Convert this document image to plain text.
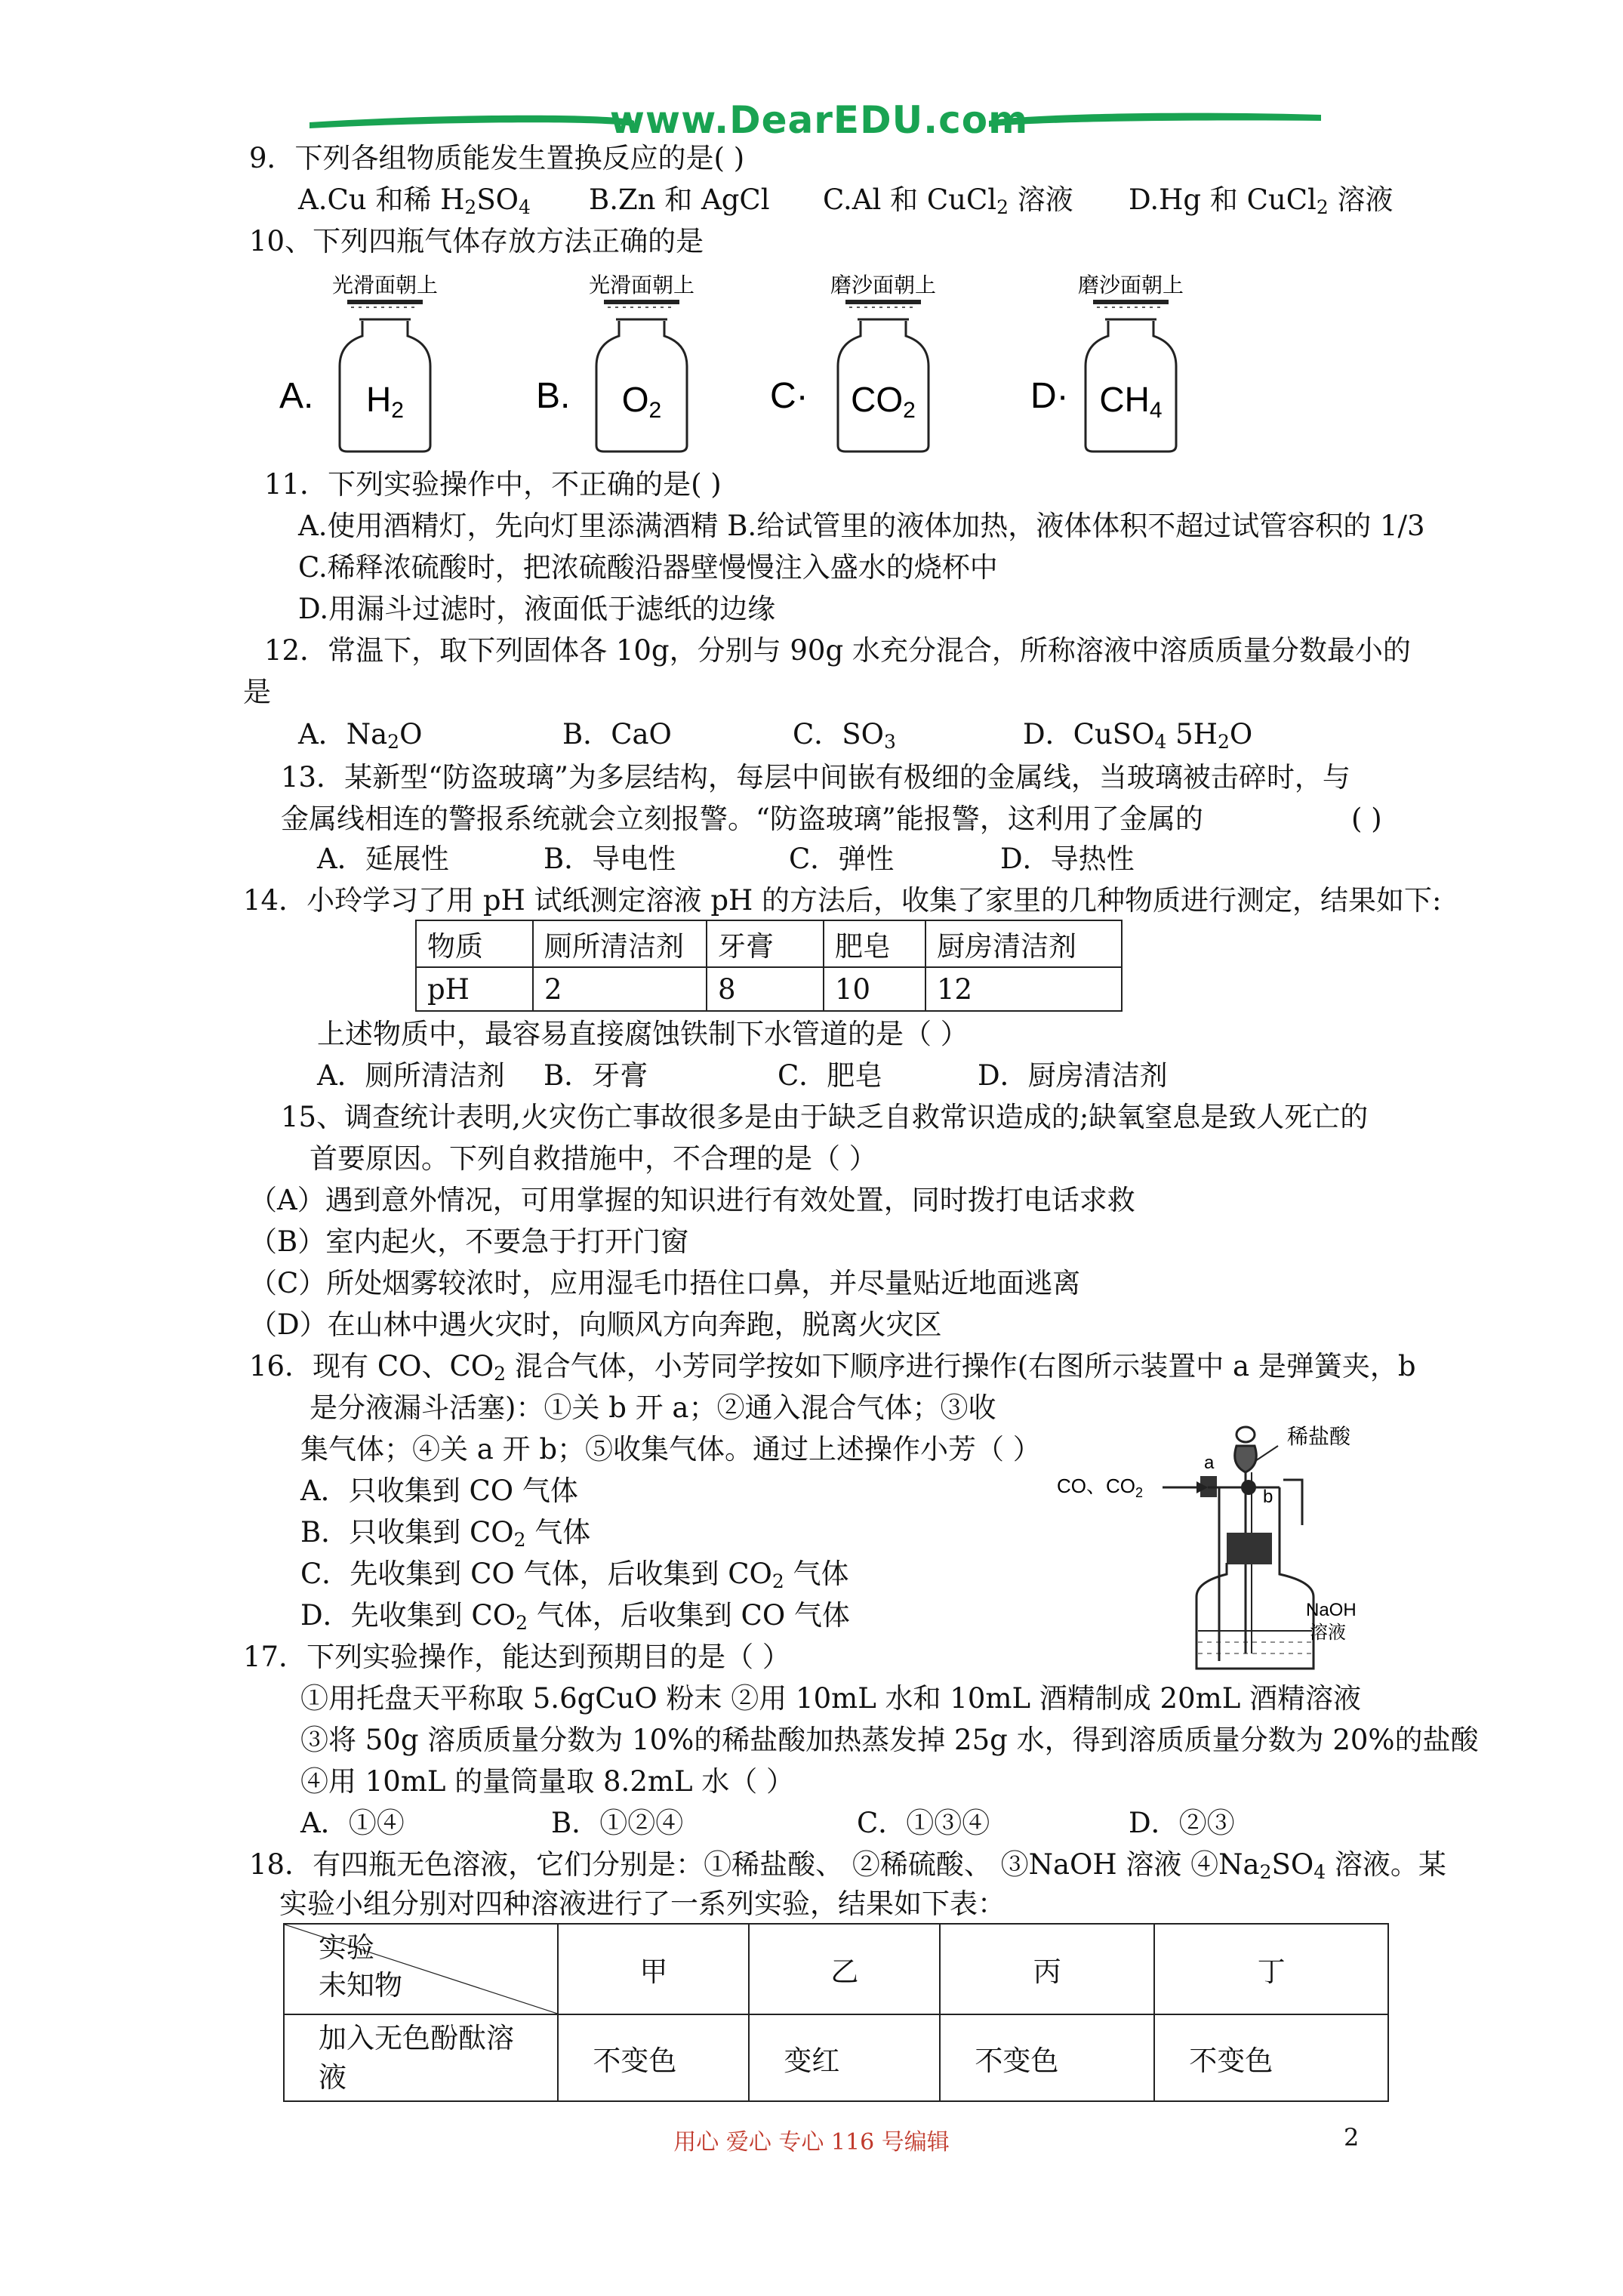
www.DearEDU.com
9．下列各组物质能发生置换反应的是( )
A.Cu 和稀 $H_2SO_4$ B.Zn 和 AgCl C.Al 和 CuCl$_2$ 溶液 D.Hg 和 CuCl$_2$ 溶液
10、下列四瓶气体存放方法正确的是
A.
光滑面朝上
H2	B.
光滑面朝上
O2	C·
磨沙面朝上
CO2	D·
磨沙面朝上
CH4
11．下列实验操作中，不正确的是( )
A.使用酒精灯，先向灯里添满酒精 B.给试管里的液体加热，液体体积不超过试管容积的 1/3
C.稀释浓硫酸时，把浓硫酸沿器壁慢慢注入盛水的烧杯中
D.用漏斗过滤时，液面低于滤纸的边缘
12．常温下，取下列固体各 10g，分别与 90g 水充分混合，所称溶液中溶质质量分数最小的
是
A．$Na_2O$	B．CaO	C．$SO_3$	D．CuSO$_4$ $5H_2O$
13．某新型“防盗玻璃”为多层结构，每层中间嵌有极细的金属线，当玻璃被击碎时，与
金属线相连的警报系统就会立刻报警。“防盗玻璃”能报警，这利用了金属的	( )
A．延展性	B．导电性	C．弹性	D．导热性
14．小玲学习了用 pH 试纸测定溶液 pH 的方法后，收集了家里的几种物质进行测定，结果如下:
物质	厕所清洁剂	牙膏	肥皂	厨房清洁剂
pH	2	8	10	12
上述物质中，最容易直接腐蚀铁制下水管道的是（ ）
A．厕所清洁剂 B．牙膏	C．肥皂	D．厨房清洁剂
15、调查统计表明,火灾伤亡事故很多是由于缺乏自救常识造成的;缺氧窒息是致人死亡的
首要原因。下列自救措施中，不合理的是（ ）
（A）遇到意外情况，可用掌握的知识进行有效处置，同时拨打电话求救
（B）室内起火，不要急于打开门窗
（C）所处烟雾较浓时，应用湿毛巾捂住口鼻，并尽量贴近地面逃离
（D）在山林中遇火灾时，向顺风方向奔跑，脱离火灾区
16．现有 CO、$CO_2$ 混合气体，小芳同学按如下顺序进行操作(右图所示装置中 a 是弹簧夹，b
是分液漏斗活塞)：①关 b 开 a；②通入混合气体；③收
集气体；④关 a 开 b；⑤收集气体。通过上述操作小芳（ ）
A．只收集到 CO 气体
B．只收集到 $CO_2$ 气体
C．先收集到 CO 气体，后收集到 $CO_2$ 气体
D．先收集到 $CO_2$ 气体，后收集到 CO 气体
稀盐酸
b
a
CO、$CO_2$
NaOH
溶液
17．下列实验操作，能达到预期目的是（ ）
①用托盘天平称取 5.6gCuO 粉末 ②用 10mL 水和 10mL 酒精制成 20mL 酒精溶液
③将 50g 溶质质量分数为 10%的稀盐酸加热蒸发掉 25g 水，得到溶质质量分数为 20%的盐酸
④用 10mL 的量筒量取 8.2mL 水（ ）
A．①④	B．①②④	C．①③④	D．②③
18．有四瓶无色溶液，它们分别是：①稀盐酸、 ②稀硫酸、 ③NaOH 溶液 $④Na_2SO_4$ 溶液。某
实验小组分别对四种溶液进行了一系列实验，结果如下表：
实验
未知物	甲	乙	丙	丁
加入无色酚酞溶
液	不变色	变红	不变色	不变色
用心 爱心 专心 116 号编辑	2
